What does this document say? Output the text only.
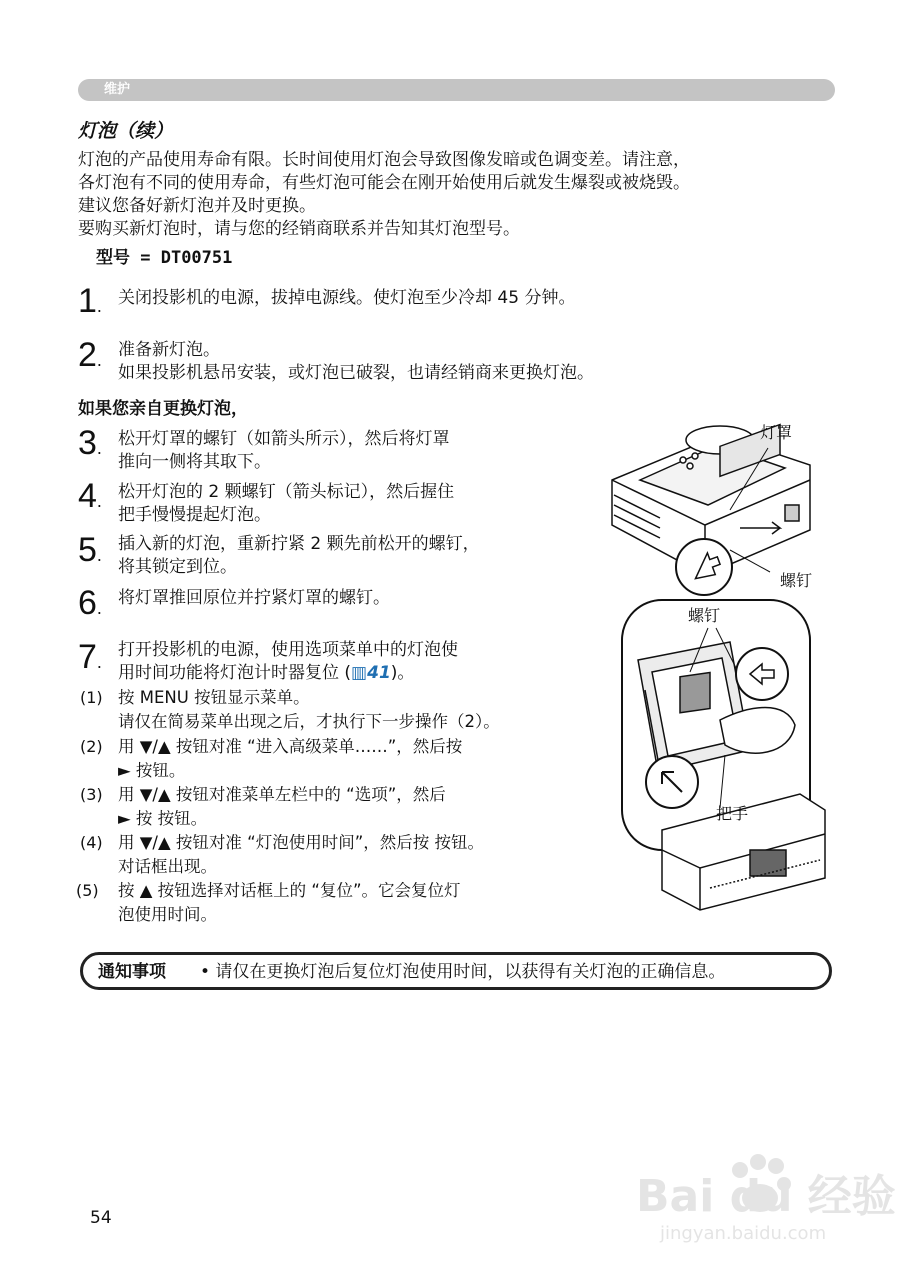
维护
灯泡（续）
灯泡的产品使用寿命有限。长时间使用灯泡会导致图像发暗或色调变差。请注意，
各灯泡有不同的使用寿命，有些灯泡可能会在刚开始使用后就发生爆裂或被烧毁。
建议您备好新灯泡并及时更换。
要购买新灯泡时，请与您的经销商联系并告知其灯泡型号。
型号 = DT00751
1. 关闭投影机的电源，拔掉电源线。使灯泡至少冷却 45 分钟。
2. 准备新灯泡。
如果投影机悬吊安装，或灯泡已破裂，也请经销商来更换灯泡。
如果您亲自更换灯泡，
3. 松开灯罩的螺钉（如箭头所示），然后将灯罩
推向一侧将其取下。
4. 松开灯泡的 2 颗螺钉（箭头标记），然后握住
把手慢慢提起灯泡。
5.
插入新的灯泡，重新拧紧 2 颗先前松开的螺钉，
将其锁定到位。
6. 将灯罩推回原位并拧紧灯罩的螺钉。
7.
打开投影机的电源，使用选项菜单中的灯泡使
用时间功能将灯泡计时器复位 (▥41)。
(1) 按 MENU 按钮显示菜单。
请仅在简易菜单出现之后，才执行下一步操作（2）。
(2) 用 ▼/▲ 按钮对准 “进入高级菜单……”，然后按
► 按钮。
(3) 用 ▼/▲ 按钮对准菜单左栏中的 “选项”，然后
► 按 按钮。
(4) 用 ▼/▲ 按钮对准 “灯泡使用时间”，然后按 按钮。
对话框出现。
(5) 按 ▲ 按钮选择对话框上的 “复位”。它会复位灯
泡使用时间。
灯罩
螺钉
螺钉
把手
通知事项 • 请仅在更换灯泡后复位灯泡使用时间，以获得有关灯泡的正确信息。
54	Bai du 经验
jingyan.baidu.com
